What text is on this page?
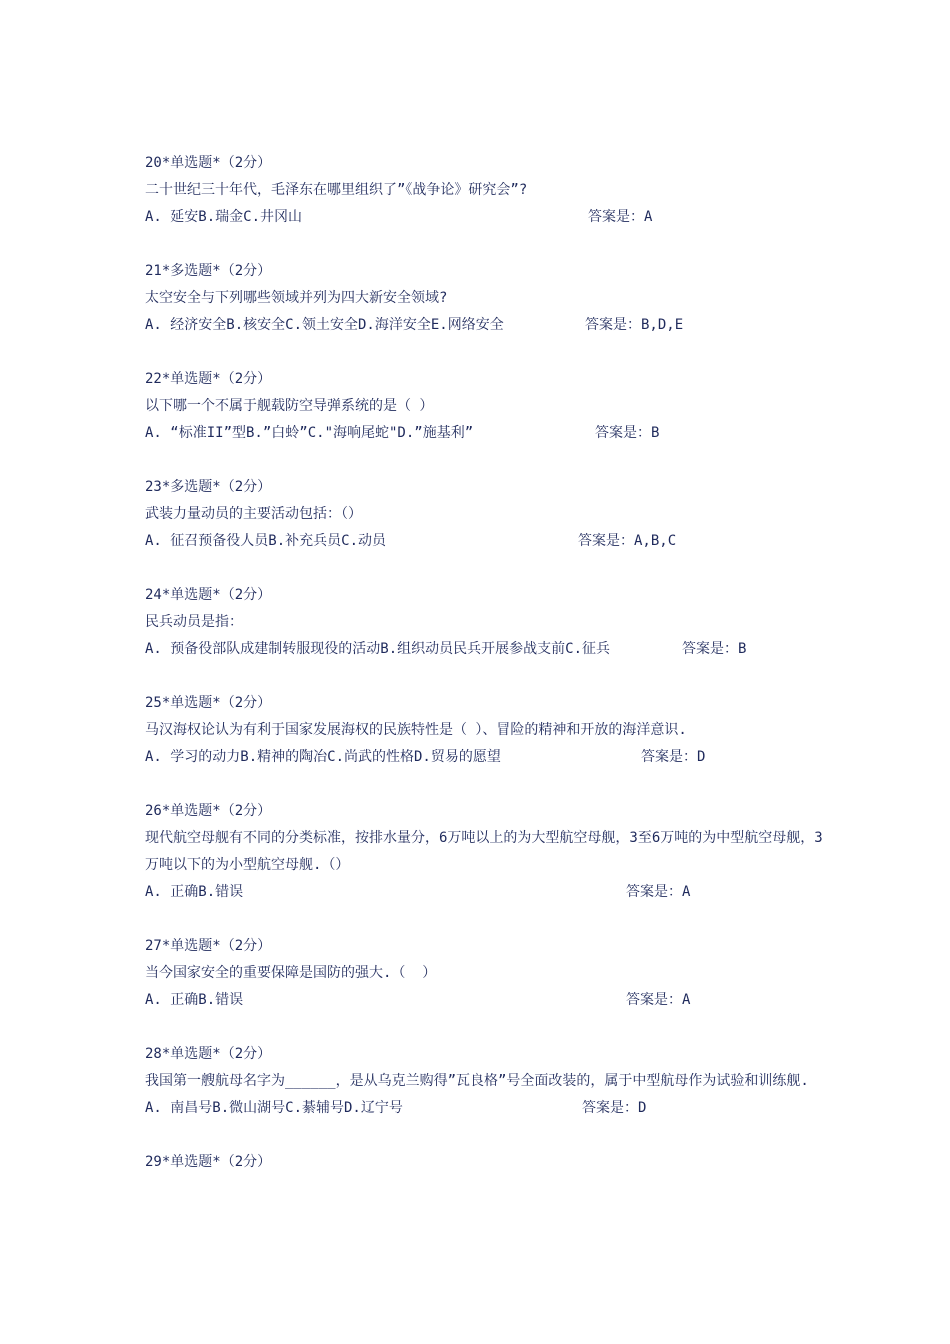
20*单选题*（2分）
二十世纪三十年代，毛泽东在哪里组织了”《战争论》研究会”?
A. 延安B.瑞金C.井冈山	答案是：A
21*多选题*（2分）
太空安全与下列哪些领域并列为四大新安全领域?
A. 经济安全B.核安全C.领土安全D.海洋安全E.网络安全	答案是：B,D,E
22*单选题*（2分）
以下哪一个不属于舰载防空导弹系统的是（ ）
A. “标准II”型B.”白蛉”C."海响尾蛇"D.”施基利”	答案是：B
23*多选题*（2分）
武装力量动员的主要活动包括：（）
A. 征召预备役人员B.补充兵员C.动员	答案是：A,B,C
24*单选题*（2分）
民兵动员是指：
A. 预备役部队成建制转服现役的活动B.组织动员民兵开展参战支前C.征兵	答案是：B
25*单选题*（2分）
马汉海权论认为有利于国家发展海权的民族特性是（ ）、冒险的精神和开放的海洋意识.
A. 学习的动力B.精神的陶冶C.尚武的性格D.贸易的愿望	答案是：D
26*单选题*（2分）
现代航空母舰有不同的分类标准，按排水量分，6万吨以上的为大型航空母舰，3至6万吨的为中型航空母舰，3万吨以下的为小型航空母舰.（）
A. 正确B.错误	答案是：A
27*单选题*（2分）
当今国家安全的重要保障是国防的强大.（  ）
A. 正确B.错误	答案是：A
28*单选题*（2分）
我国第一艘航母名字为______，是从乌克兰购得”瓦良格”号全面改装的，属于中型航母作为试验和训练舰.
A. 南昌号B.微山湖号C.綦辅号D.辽宁号	答案是：D
29*单选题*（2分）
